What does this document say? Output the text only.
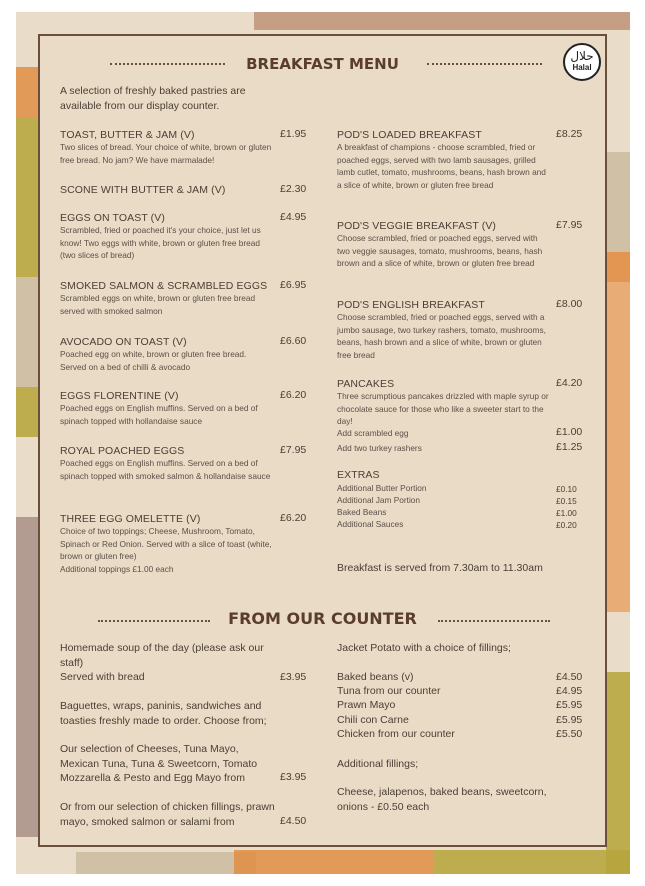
BREAKFAST MENU	حلال
Halal
A selection of freshly baked pastries are available from our display counter.
TOAST, BUTTER & JAM (V)	£1.95
Two slices of bread. Your choice of white, brown or gluten free bread. No jam? We have marmalade!
SCONE WITH BUTTER & JAM (V)	£2.30
EGGS ON TOAST (V)	£4.95
Scrambled, fried or poached it's your choice, just let us know! Two eggs with white, brown or gluten free bread (two slices of bread)
SMOKED SALMON & SCRAMBLED EGGS £6.95
Scrambled eggs on white, brown or gluten free bread served with smoked salmon
AVOCADO ON TOAST (V)	£6.60
Poached egg on white, brown or gluten free bread. Served on a bed of chilli & avocado
EGGS FLORENTINE (V)	£6.20
Poached eggs on English muffins. Served on a bed of spinach topped with hollandaise sauce
ROYAL POACHED EGGS	£7.95
Poached eggs on English muffins. Served on a bed of spinach topped with smoked salmon & hollandaise sauce
THREE EGG OMELETTE (V)	£6.20
Choice of two toppings; Cheese, Mushroom, Tomato, Spinach or Red Onion. Served with a slice of toast (white, brown or gluten free)
Additional toppings £1.00 each
POD'S LOADED BREAKFAST	£8.25
A breakfast of champions - choose scrambled, fried or poached eggs, served with two lamb sausages, grilled lamb cutlet, tomato, mushrooms, beans, hash brown and a slice of white, brown or gluten free bread
POD'S VEGGIE BREAKFAST (V)	£7.95
Choose scrambled, fried or poached eggs, served with two veggie sausages, tomato, mushrooms, beans, hash brown and a slice of white, brown or gluten free bread
POD'S ENGLISH BREAKFAST	£8.00
Choose scrambled, fried or poached eggs, served with a jumbo sausage, two turkey rashers, tomato, mushrooms, beans, hash brown and a slice of white, brown or gluten free bread
PANCAKES	£4.20
Three scrumptious pancakes drizzled with maple syrup or chocolate sauce for those who like a sweeter start to the day!
Add scrambled egg	£1.00
Add two turkey rashers	£1.25
EXTRAS
Additional Butter Portion	£0.10
Additional Jam Portion	£0.15
Baked Beans	£1.00
Additional Sauces	£0.20
Breakfast is served from 7.30am to 11.30am
FROM OUR COUNTER
Homemade soup of the day (please ask our staff)
Served with bread	£3.95
Baguettes, wraps, paninis, sandwiches and toasties freshly made to order. Choose from;
Our selection of Cheeses, Tuna Mayo, Mexican Tuna, Tuna & Sweetcorn, Tomato Mozzarella & Pesto and Egg Mayo from	£3.95
Or from our selection of chicken fillings, prawn mayo, smoked salmon or salami from	£4.50
Jacket Potato with a choice of fillings;
Baked beans (v)	£4.50
Tuna from our counter	£4.95
Prawn Mayo	£5.95
Chili con Carne	£5.95
Chicken from our counter	£5.50
Additional fillings;
Cheese, jalapenos, baked beans, sweetcorn, onions - £0.50 each
